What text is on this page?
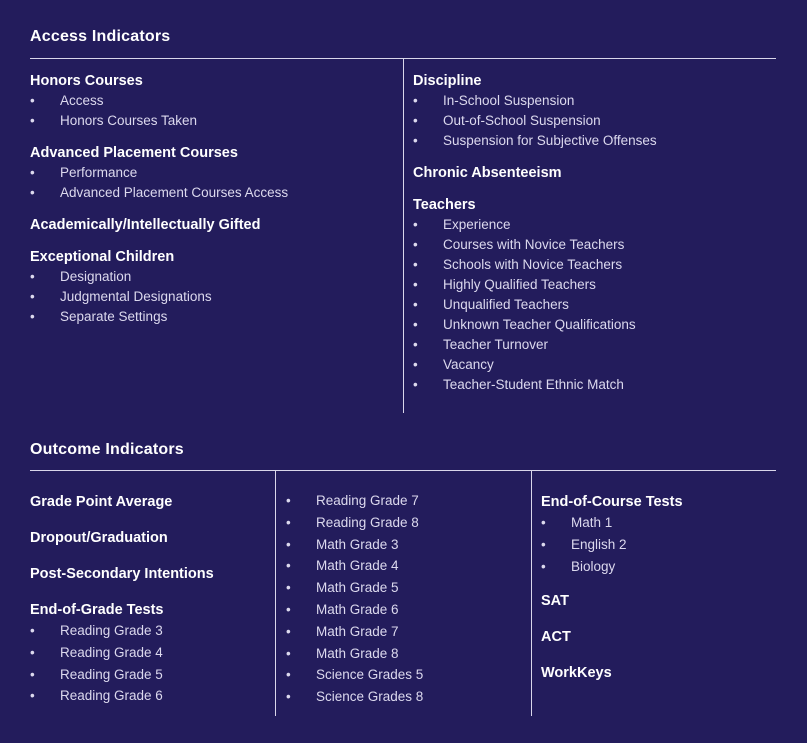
Access Indicators
Honors Courses
•	Access
•	Honors Courses Taken
Advanced Placement Courses
•	Performance
•	Advanced Placement Courses Access
Academically/Intellectually Gifted
Exceptional Children
•	Designation
•	Judgmental Designations
•	Separate Settings
Discipline
•	In-School Suspension
•	Out-of-School Suspension
•	Suspension for Subjective Offenses
Chronic Absenteeism
Teachers
•	Experience
•	Courses with Novice Teachers
•	Schools with Novice Teachers
•	Highly Qualified Teachers
•	Unqualified Teachers
•	Unknown Teacher Qualifications
•	Teacher Turnover
•	Vacancy
•	Teacher-Student Ethnic Match
Outcome Indicators
Grade Point Average
Dropout/Graduation
Post-Secondary Intentions
End-of-Grade Tests
•	Reading Grade 3
•	Reading Grade 4
•	Reading Grade 5
•	Reading Grade 6
•	Reading Grade 7
•	Reading Grade 8
•	Math Grade 3
•	Math Grade 4
•	Math Grade 5
•	Math Grade 6
•	Math Grade 7
•	Math Grade 8
•	Science Grades 5
•	Science Grades 8
End-of-Course Tests
•	Math 1
•	English 2
•	Biology
SAT
ACT
WorkKeys
